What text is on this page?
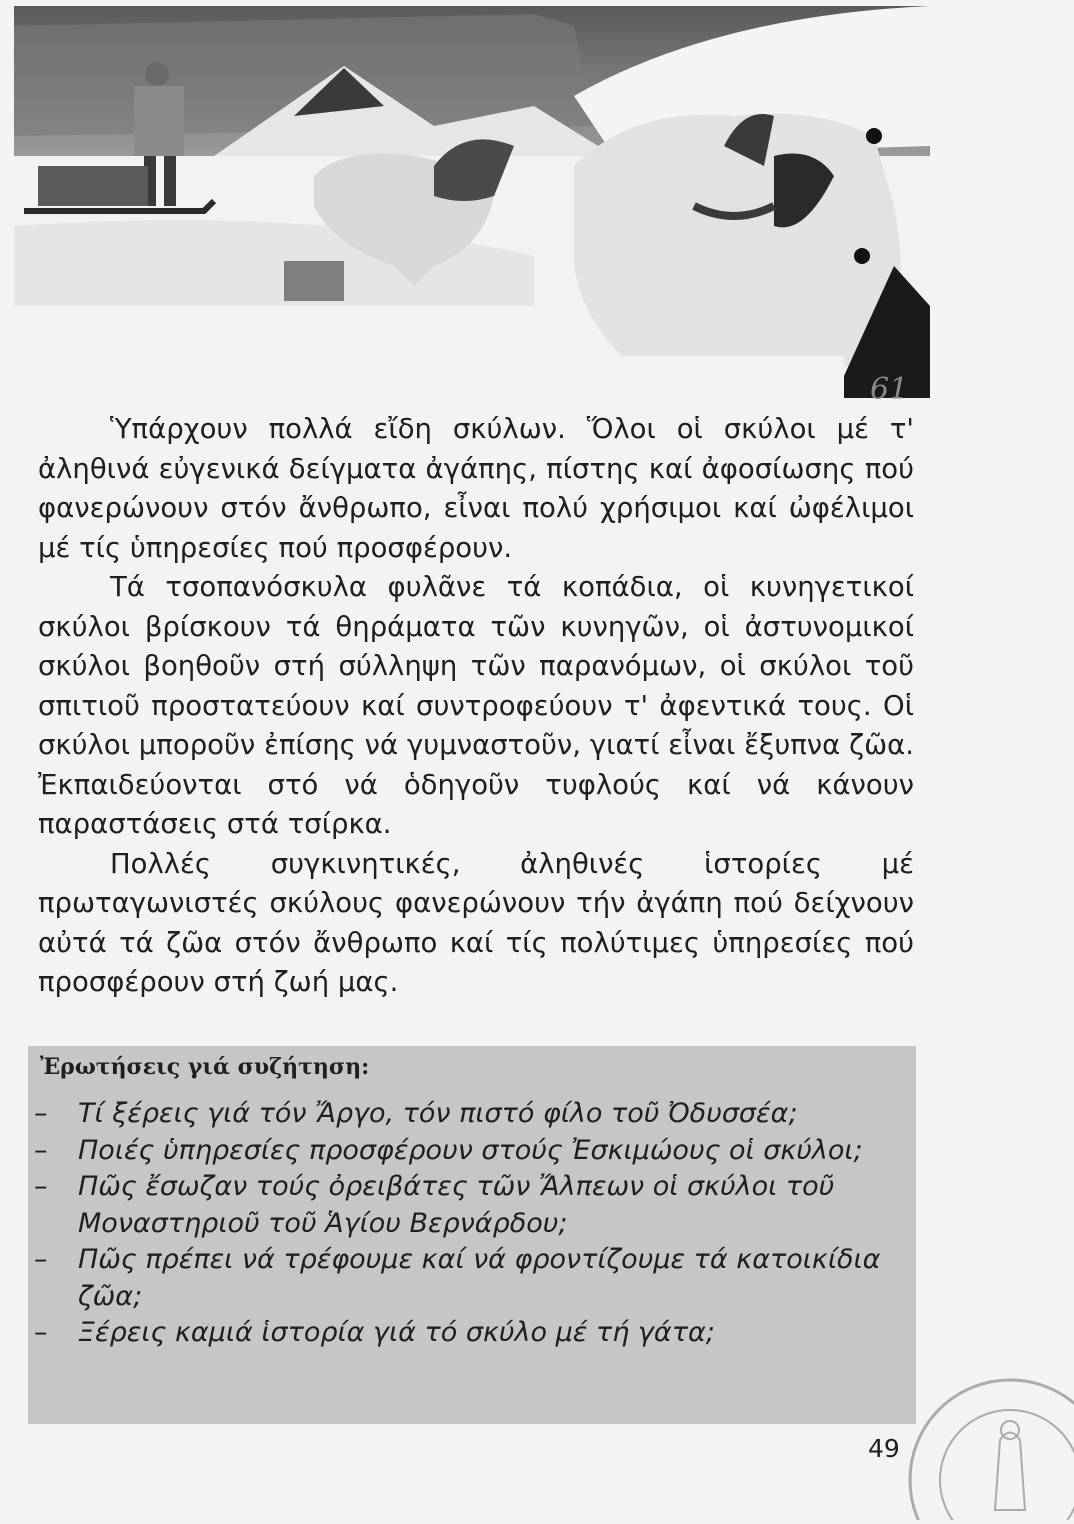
61

Ὑπάρχουν πολλά εἴδη σκύλων. Ὅλοι οἱ σκύλοι μέ τ' ἀληθινά εὐγενικά δείγματα ἀγάπης, πίστης καί ἀφοσίωσης πού φανερώνουν στόν ἄνθρωπο, εἶναι πολύ χρήσιμοι καί ὠφέλιμοι μέ τίς ὑπηρεσίες πού προσφέρουν.

Τά τσοπανόσκυλα φυλᾶνε τά κοπάδια, οἱ κυνηγετικοί σκύλοι βρίσκουν τά θηράματα τῶν κυνηγῶν, οἱ ἀστυνομικοί σκύλοι βοηθοῦν στή σύλληψη τῶν παρανόμων, οἱ σκύλοι τοῦ σπιτιοῦ προστατεύουν καί συντροφεύουν τ' ἀφεντικά τους. Οἱ σκύλοι μποροῦν ἐπίσης νά γυμναστοῦν, γιατί εἶναι ἔξυπνα ζῶα. Ἐκπαιδεύονται στό νά ὁδηγοῦν τυφλούς καί νά κάνουν παραστάσεις στά τσίρκα.

Πολλές συγκινητικές, ἀληθινές ἱστορίες μέ πρωταγωνιστές σκύλους φανερώνουν τήν ἀγάπη πού δείχνουν αὐτά τά ζῶα στόν ἄνθρωπο καί τίς πολύτιμες ὑπηρεσίες πού προσφέρουν στή ζωή μας.

Ἐρωτήσεις γιά συζήτηση:
– Τί ξέρεις γιά τόν Ἄργο, τόν πιστό φίλο τοῦ Ὀδυσσέα;
– Ποιές ὑπηρεσίες προσφέρουν στούς Ἐσκιμώους οἱ σκύλοι;
– Πῶς ἔσωζαν τούς ὀρειβάτες τῶν Ἄλπεων οἱ σκύλοι τοῦ Μοναστηριοῦ τοῦ Ἁγίου Βερνάρδου;
– Πῶς πρέπει νά τρέφουμε καί νά φροντίζουμε τά κατοικίδια ζῶα;
– Ξέρεις καμιά ἱστορία γιά τό σκύλο μέ τή γάτα;
49
